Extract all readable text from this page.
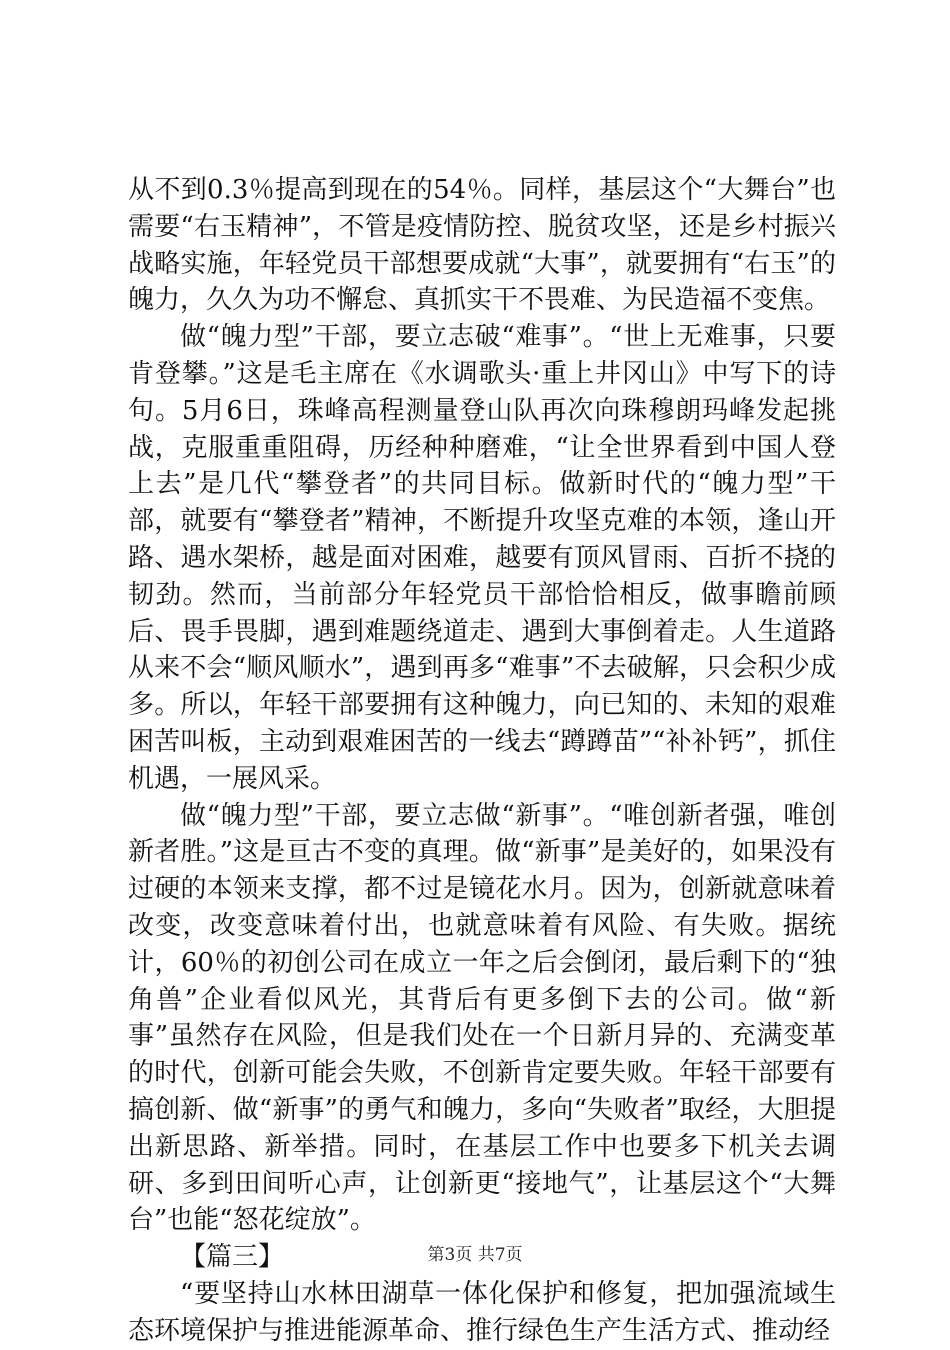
从不到0.3％提高到现在的54％。同样，基层这个“大舞台”也需要“右玉精神”，不管是疫情防控、脱贫攻坚，还是乡村振兴战略实施，年轻党员干部想要成就“大事”，就要拥有“右玉”的魄力，久久为功不懈怠、真抓实干不畏难、为民造福不变焦。

做“魄力型”干部，要立志破“难事”。“世上无难事，只要肯登攀。”这是毛主席在《水调歌头·重上井冈山》中写下的诗句。5月6日，珠峰高程测量登山队再次向珠穆朗玛峰发起挑战，克服重重阻碍，历经种种磨难，“让全世界看到中国人登上去”是几代“攀登者”的共同目标。做新时代的“魄力型”干部，就要有“攀登者”精神，不断提升攻坚克难的本领，逢山开路、遇水架桥，越是面对困难，越要有顶风冒雨、百折不挠的韧劲。然而，当前部分年轻党员干部恰恰相反，做事瞻前顾后、畏手畏脚，遇到难题绕道走、遇到大事倒着走。人生道路从来不会“顺风顺水”，遇到再多“难事”不去破解，只会积少成多。所以，年轻干部要拥有这种魄力，向已知的、未知的艰难困苦叫板，主动到艰难困苦的一线去“蹲蹲苗”“补补钙”，抓住机遇，一展风采。

做“魄力型”干部，要立志做“新事”。“唯创新者强，唯创新者胜。”这是亘古不变的真理。做“新事”是美好的，如果没有过硬的本领来支撑，都不过是镜花水月。因为，创新就意味着改变，改变意味着付出，也就意味着有风险、有失败。据统计，60％的初创公司在成立一年之后会倒闭，最后剩下的“独角兽”企业看似风光，其背后有更多倒下去的公司。做“新事”虽然存在风险，但是我们处在一个日新月异的、充满变革的时代，创新可能会失败，不创新肯定要失败。年轻干部要有搞创新、做“新事”的勇气和魄力，多向“失败者”取经，大胆提出新思路、新举措。同时，在基层工作中也要多下机关去调研、多到田间听心声，让创新更“接地气”，让基层这个“大舞台”也能“怒花绽放”。

【篇三】

“要坚持山水林田湖草一体化保护和修复，把加强流域生态环境保护与推进能源革命、推行绿色生产生活方式、推动经

第3页 共7页
